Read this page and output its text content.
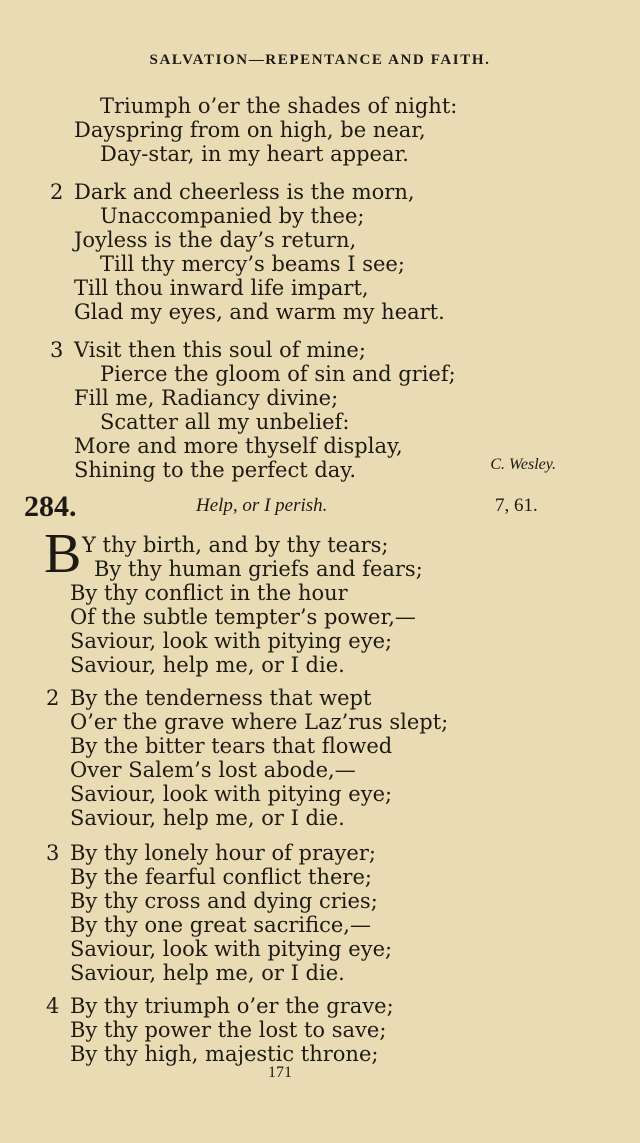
SALVATION—REPENTANCE AND FAITH.
Triumph o’er the shades of night:
Dayspring from on high, be near,
Day-star, in my heart appear.
2 Dark and cheerless is the morn,
Unaccompanied by thee;
Joyless is the day’s return,
Till thy mercy’s beams I see;
Till thou inward life impart,
Glad my eyes, and warm my heart.
3 Visit then this soul of mine;
Pierce the gloom of sin and grief;
Fill me, Radiancy divine;
Scatter all my unbelief:
More and more thyself display,
Shining to the perfect day.	C. Wesley.
284.	Help, or I perish.	7, 61.
B Y thy birth, and by thy tears;
By thy human griefs and fears;
By thy conflict in the hour
Of the subtle tempter’s power,—
Saviour, look with pitying eye;
Saviour, help me, or I die.
2 By the tenderness that wept
O’er the grave where Laz’rus slept;
By the bitter tears that flowed
Over Salem’s lost abode,—
Saviour, look with pitying eye;
Saviour, help me, or I die.
3 By thy lonely hour of prayer;
By the fearful conflict there;
By thy cross and dying cries;
By thy one great sacrifice,—
Saviour, look with pitying eye;
Saviour, help me, or I die.
4 By thy triumph o’er the grave;
By thy power the lost to save;
By thy high, majestic throne;
171
